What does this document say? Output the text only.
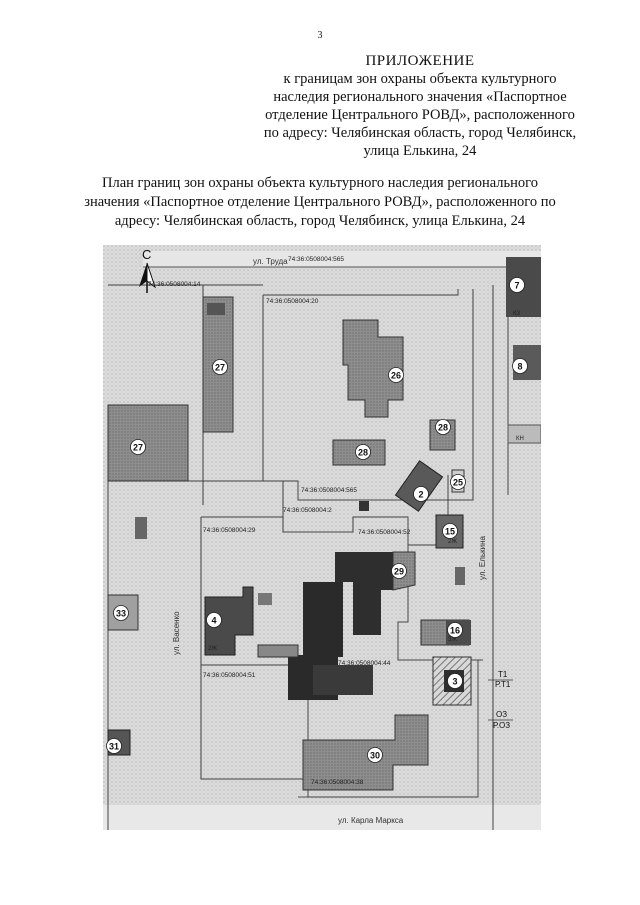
3
ПРИЛОЖЕНИЕ
к границам зон охраны объекта культурного
наследия регионального значения «Паспортное
отделение Центрального РОВД», расположенного
по адресу: Челябинская область, город Челябинск,
улица Елькина, 24
План границ зон охраны объекта культурного наследия регионального
значения «Паспортное отделение Центрального РОВД», расположенного по
адресу: Челябинская область, город Челябинск, улица Елькина, 24
С	ул. Труда
ул. Карла Маркса
ул. Васенко
ул. Елькина
74:36:0508004:565
74:36:0508004:14
74:36:0508004:20
74:36:0508004:565
74:36:0508004:2
74:36:0508004:29	74:36:0508004:52
74:36:0508004:44
74:36:0508004:51
74:36:0508004:38
Т1
Р.Т1
ОЗ
Р.ОЗ
КЗ
КН
2Ж
2Ж
3Ж
7
8
27
26
27
28
28
2
25
15
29
4
16
3
33
31
30
